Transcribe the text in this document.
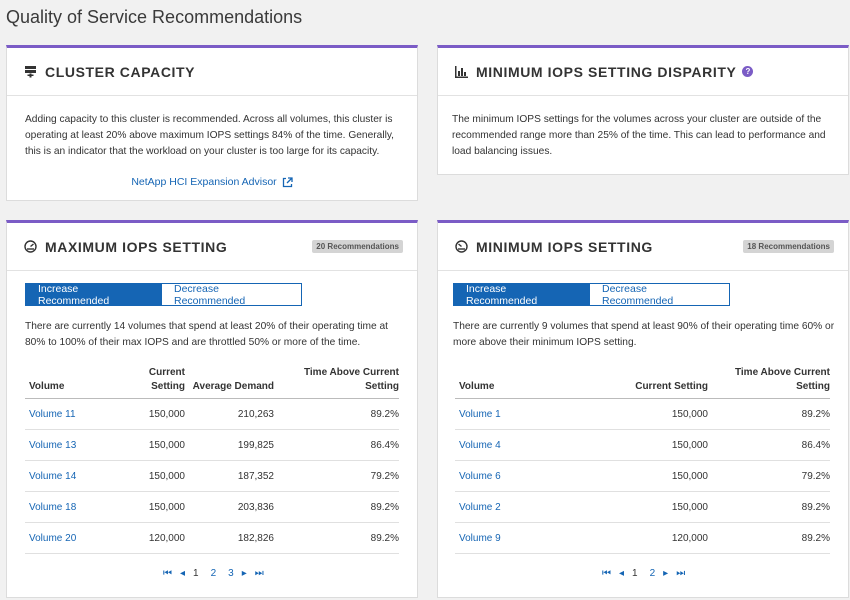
Quality of Service Recommendations
CLUSTER CAPACITY
Adding capacity to this cluster is recommended. Across all volumes, this cluster is operating at least 20% above maximum IOPS settings 84% of the time. Generally, this is an indicator that the workload on your cluster is too large for its capacity.
NetApp HCI Expansion Advisor
MINIMUM IOPS SETTING DISPARITY	?
The minimum IOPS settings for the volumes across your cluster are outside of the recommended range more than 25% of the time. This can lead to performance and load balancing issues.
MAXIMUM IOPS SETTING	20 Recommendations
Increase Recommended
Decrease Recommended
There are currently 14 volumes that spend at least 20% of their operating time at 80% to 100% of their max IOPS and are throttled 50% or more of the time.
Volume	Current Setting	Average Demand	Time Above Current Setting
Volume 11	150,000	210,263	89.2%
Volume 13	150,000	199,825	86.4%
Volume 14	150,000	187,352	79.2%
Volume 18	150,000	203,836	89.2%
Volume 20	120,000	182,826	89.2%
⏮ ◂ 1 2 3 ▸ ⏭
MINIMUM IOPS SETTING	18 Recommendations
Increase Recommended
Decrease Recommended
There are currently 9 volumes that spend at least 90% of their operating time 60% or more above their minimum IOPS setting.
Volume	Current Setting	Time Above Current Setting
Volume 1	150,000	89.2%
Volume 4	150,000	86.4%
Volume 6	150,000	79.2%
Volume 2	150,000	89.2%
Volume 9	120,000	89.2%
⏮ ◂ 1 2 ▸ ⏭
